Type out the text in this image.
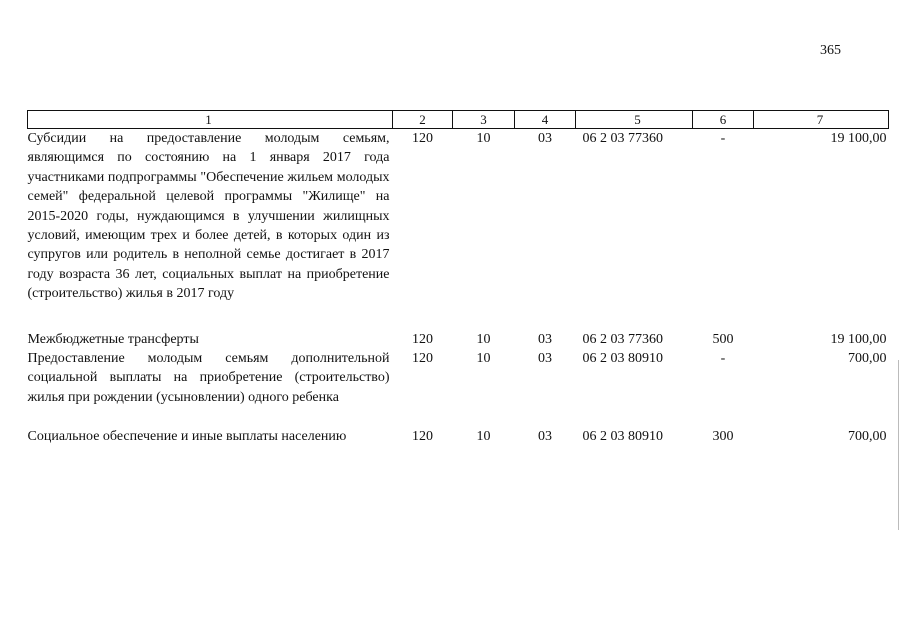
365
1	2	3	4	5	6	7
Субсидии на предоставление молодым семьям, являющимся по состоянию на 1 января 2017 года участниками подпрограммы "Обеспечение жильем молодых семей" федеральной целевой программы "Жилище" на 2015-2020 годы, нуждающимся в улучшении жилищных условий, имеющим трех и более детей, в которых один из супругов или родитель в неполной семье достигает в 2017 году возраста 36 лет, социальных выплат на приобретение (строительство) жилья в 2017 году	120	10	03	06 2 03 77360	-	19 100,00
Межбюджетные трансферты	120	10	03	06 2 03 77360	500	19 100,00
Предоставление молодым семьям дополнительной социальной выплаты на приобретение (строительство) жилья при рождении (усыновлении) одного ребенка	120	10	03	06 2 03 80910	-	700,00
Социальное обеспечение и иные выплаты населению	120	10	03	06 2 03 80910	300	700,00
